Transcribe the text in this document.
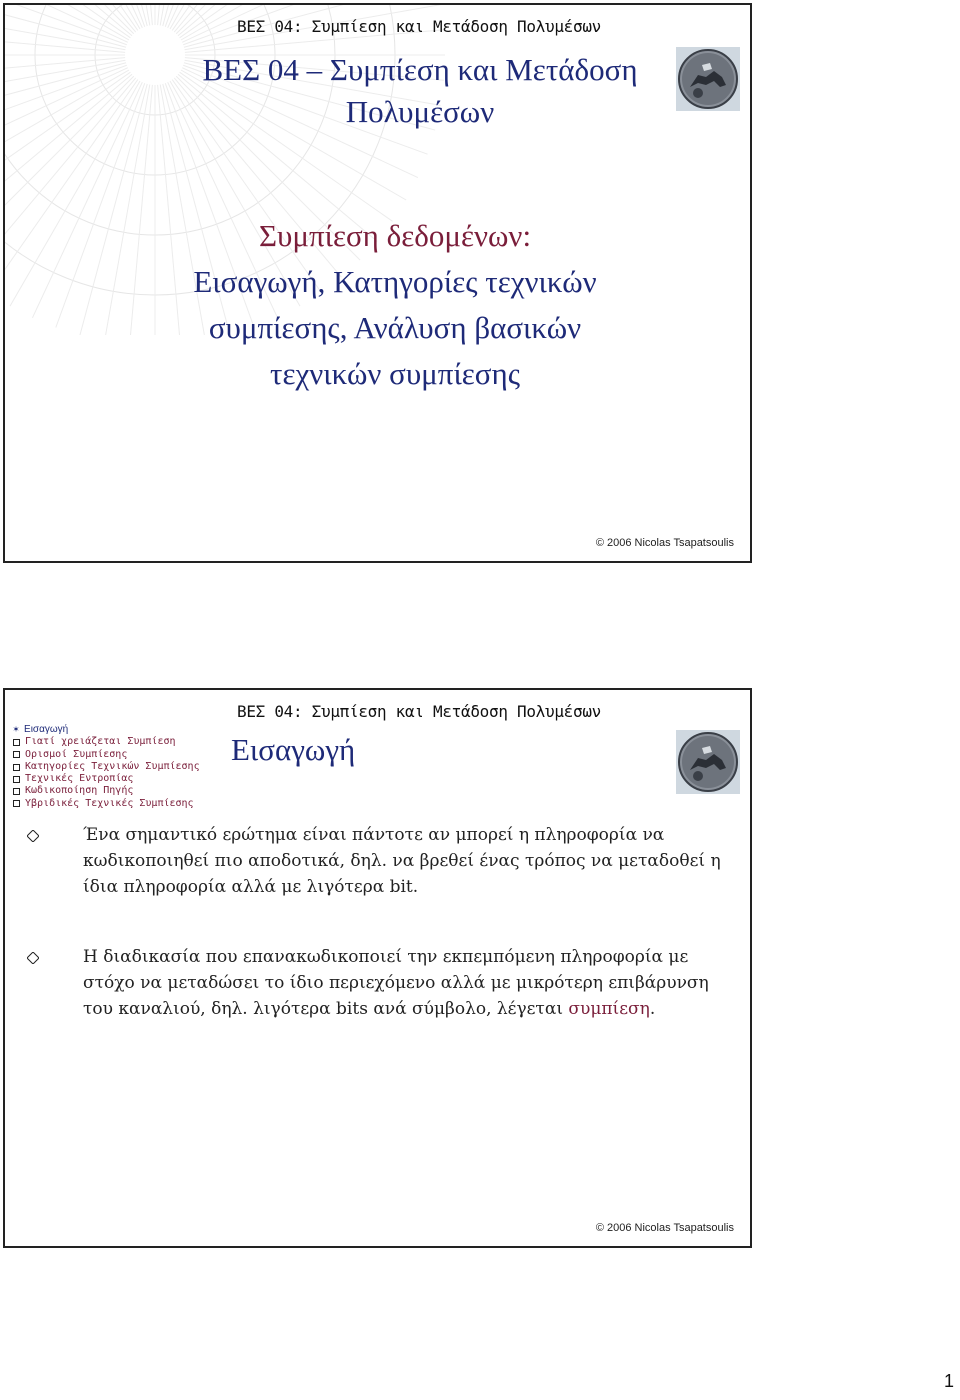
ΒΕΣ 04: Συμπίεση και Μετάδοση Πολυμέσων
ΒΕΣ 04 – Συμπίεση και Μετάδοση
Πολυμέσων
Συμπίεση δεδομένων:
Εισαγωγή, Κατηγορίες τεχνικών
συμπίεσης, Ανάλυση βασικών
τεχνικών συμπίεσης
© 2006 Nicolas Tsapatsoulis
ΒΕΣ 04: Συμπίεση και Μετάδοση Πολυμέσων
✶ Εισαγωγή
Γιατί χρειάζεται Συμπίεση
Ορισμοί Συμπίεσης
Κατηγορίες Τεχνικών Συμπίεσης
Τεχνικές Εντροπίας
Κωδικοποίηση Πηγής
Υβριδικές Τεχνικές Συμπίεσης
Εισαγωγή
Ένα σημαντικό ερώτημα είναι πάντοτε αν μπορεί η πληροφορία να κωδικοποιηθεί πιο αποδοτικά, δηλ. να βρεθεί ένας τρόπος να μεταδοθεί η ίδια πληροφορία αλλά με λιγότερα bit.
Η διαδικασία που επανακωδικοποιεί την εκπεμπόμενη πληροφορία με στόχο να μεταδώσει το ίδιο περιεχόμενο αλλά με μικρότερη επιβάρυνση του καναλιού, δηλ. λιγότερα bits ανά σύμβολο, λέγεται συμπίεση.
© 2006 Nicolas Tsapatsoulis
1
